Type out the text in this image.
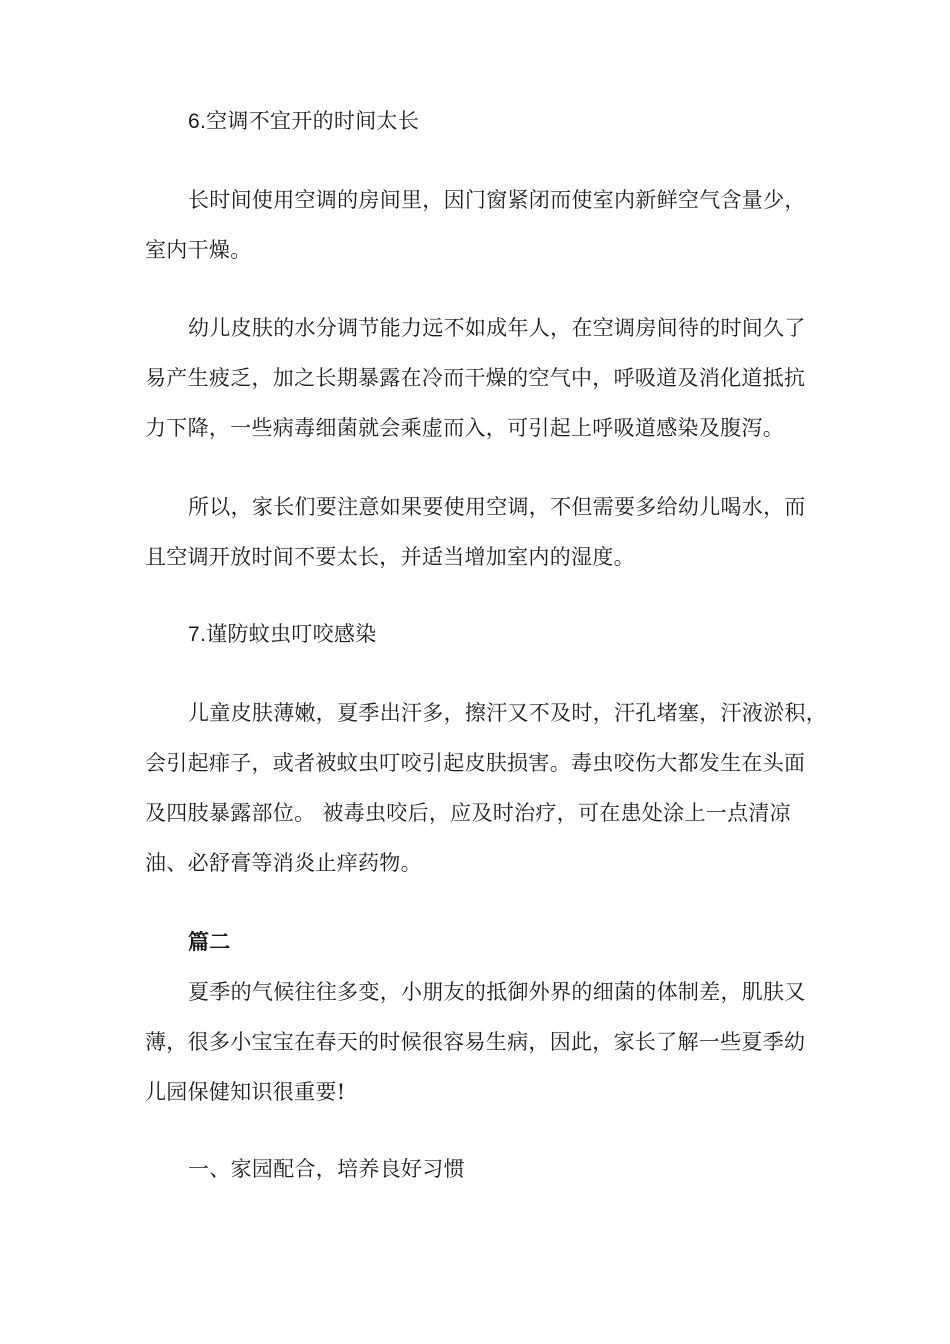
6.空调不宜开的时间太长
长时间使用空调的房间里，因门窗紧闭而使室内新鲜空气含量少，
室内干燥。
幼儿皮肤的水分调节能力远不如成年人，在空调房间待的时间久了
易产生疲乏，加之长期暴露在冷而干燥的空气中，呼吸道及消化道抵抗
力下降，一些病毒细菌就会乘虚而入，可引起上呼吸道感染及腹泻。
所以，家长们要注意如果要使用空调，不但需要多给幼儿喝水，而
且空调开放时间不要太长，并适当增加室内的湿度。
7.谨防蚊虫叮咬感染
儿童皮肤薄嫩，夏季出汗多，擦汗又不及时，汗孔堵塞，汗液淤积，
会引起痱子，或者被蚊虫叮咬引起皮肤损害。毒虫咬伤大都发生在头面
及四肢暴露部位。 被毒虫咬后，应及时治疗，可在患处涂上一点清凉
油、必舒膏等消炎止痒药物。
篇二
夏季的气候往往多变，小朋友的抵御外界的细菌的体制差，肌肤又
薄，很多小宝宝在春天的时候很容易生病，因此，家长了解一些夏季幼
儿园保健知识很重要!
一、家园配合，培养良好习惯
